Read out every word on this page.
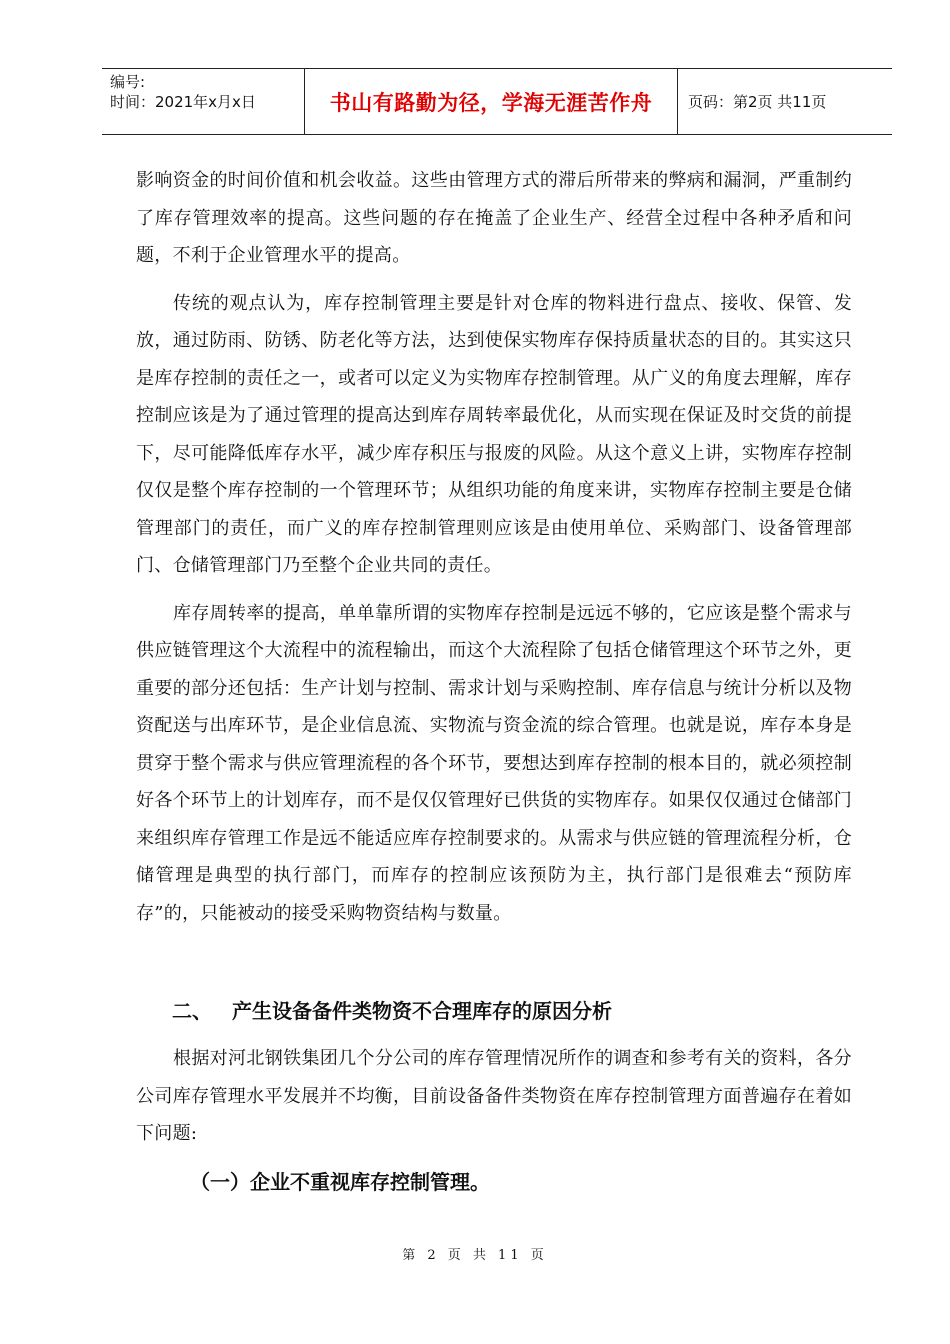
编号:
时间：2021年x月x日	书山有路勤为径，学海无涯苦作舟	页码：第2页 共11页

影响资金的时间价值和机会收益。这些由管理方式的滞后所带来的弊病和漏洞，严重制约了库存管理效率的提高。这些问题的存在掩盖了企业生产、经营全过程中各种矛盾和问题，不利于企业管理水平的提高。

传统的观点认为，库存控制管理主要是针对仓库的物料进行盘点、接收、保管、发放，通过防雨、防锈、防老化等方法，达到使保实物库存保持质量状态的目的。其实这只是库存控制的责任之一，或者可以定义为实物库存控制管理。从广义的角度去理解，库存控制应该是为了通过管理的提高达到库存周转率最优化，从而实现在保证及时交货的前提下，尽可能降低库存水平，减少库存积压与报废的风险。从这个意义上讲，实物库存控制仅仅是整个库存控制的一个管理环节；从组织功能的角度来讲，实物库存控制主要是仓储管理部门的责任，而广义的库存控制管理则应该是由使用单位、采购部门、设备管理部门、仓储管理部门乃至整个企业共同的责任。

库存周转率的提高，单单靠所谓的实物库存控制是远远不够的，它应该是整个需求与供应链管理这个大流程中的流程输出，而这个大流程除了包括仓储管理这个环节之外，更重要的部分还包括：生产计划与控制、需求计划与采购控制、库存信息与统计分析以及物资配送与出库环节，是企业信息流、实物流与资金流的综合管理。也就是说，库存本身是贯穿于整个需求与供应管理流程的各个环节，要想达到库存控制的根本目的，就必须控制好各个环节上的计划库存，而不是仅仅管理好已供货的实物库存。如果仅仅通过仓储部门来组织库存管理工作是远不能适应库存控制要求的。从需求与供应链的管理流程分析，仓储管理是典型的执行部门，而库存的控制应该预防为主，执行部门是很难去“预防库存”的，只能被动的接受采购物资结构与数量。

二、 产生设备备件类物资不合理库存的原因分析

根据对河北钢铁集团几个分公司的库存管理情况所作的调查和参考有关的资料，各分公司库存管理水平发展并不均衡，目前设备备件类物资在库存控制管理方面普遍存在着如下问题:

（一）企业不重视库存控制管理。
第 2 页 共 11 页
